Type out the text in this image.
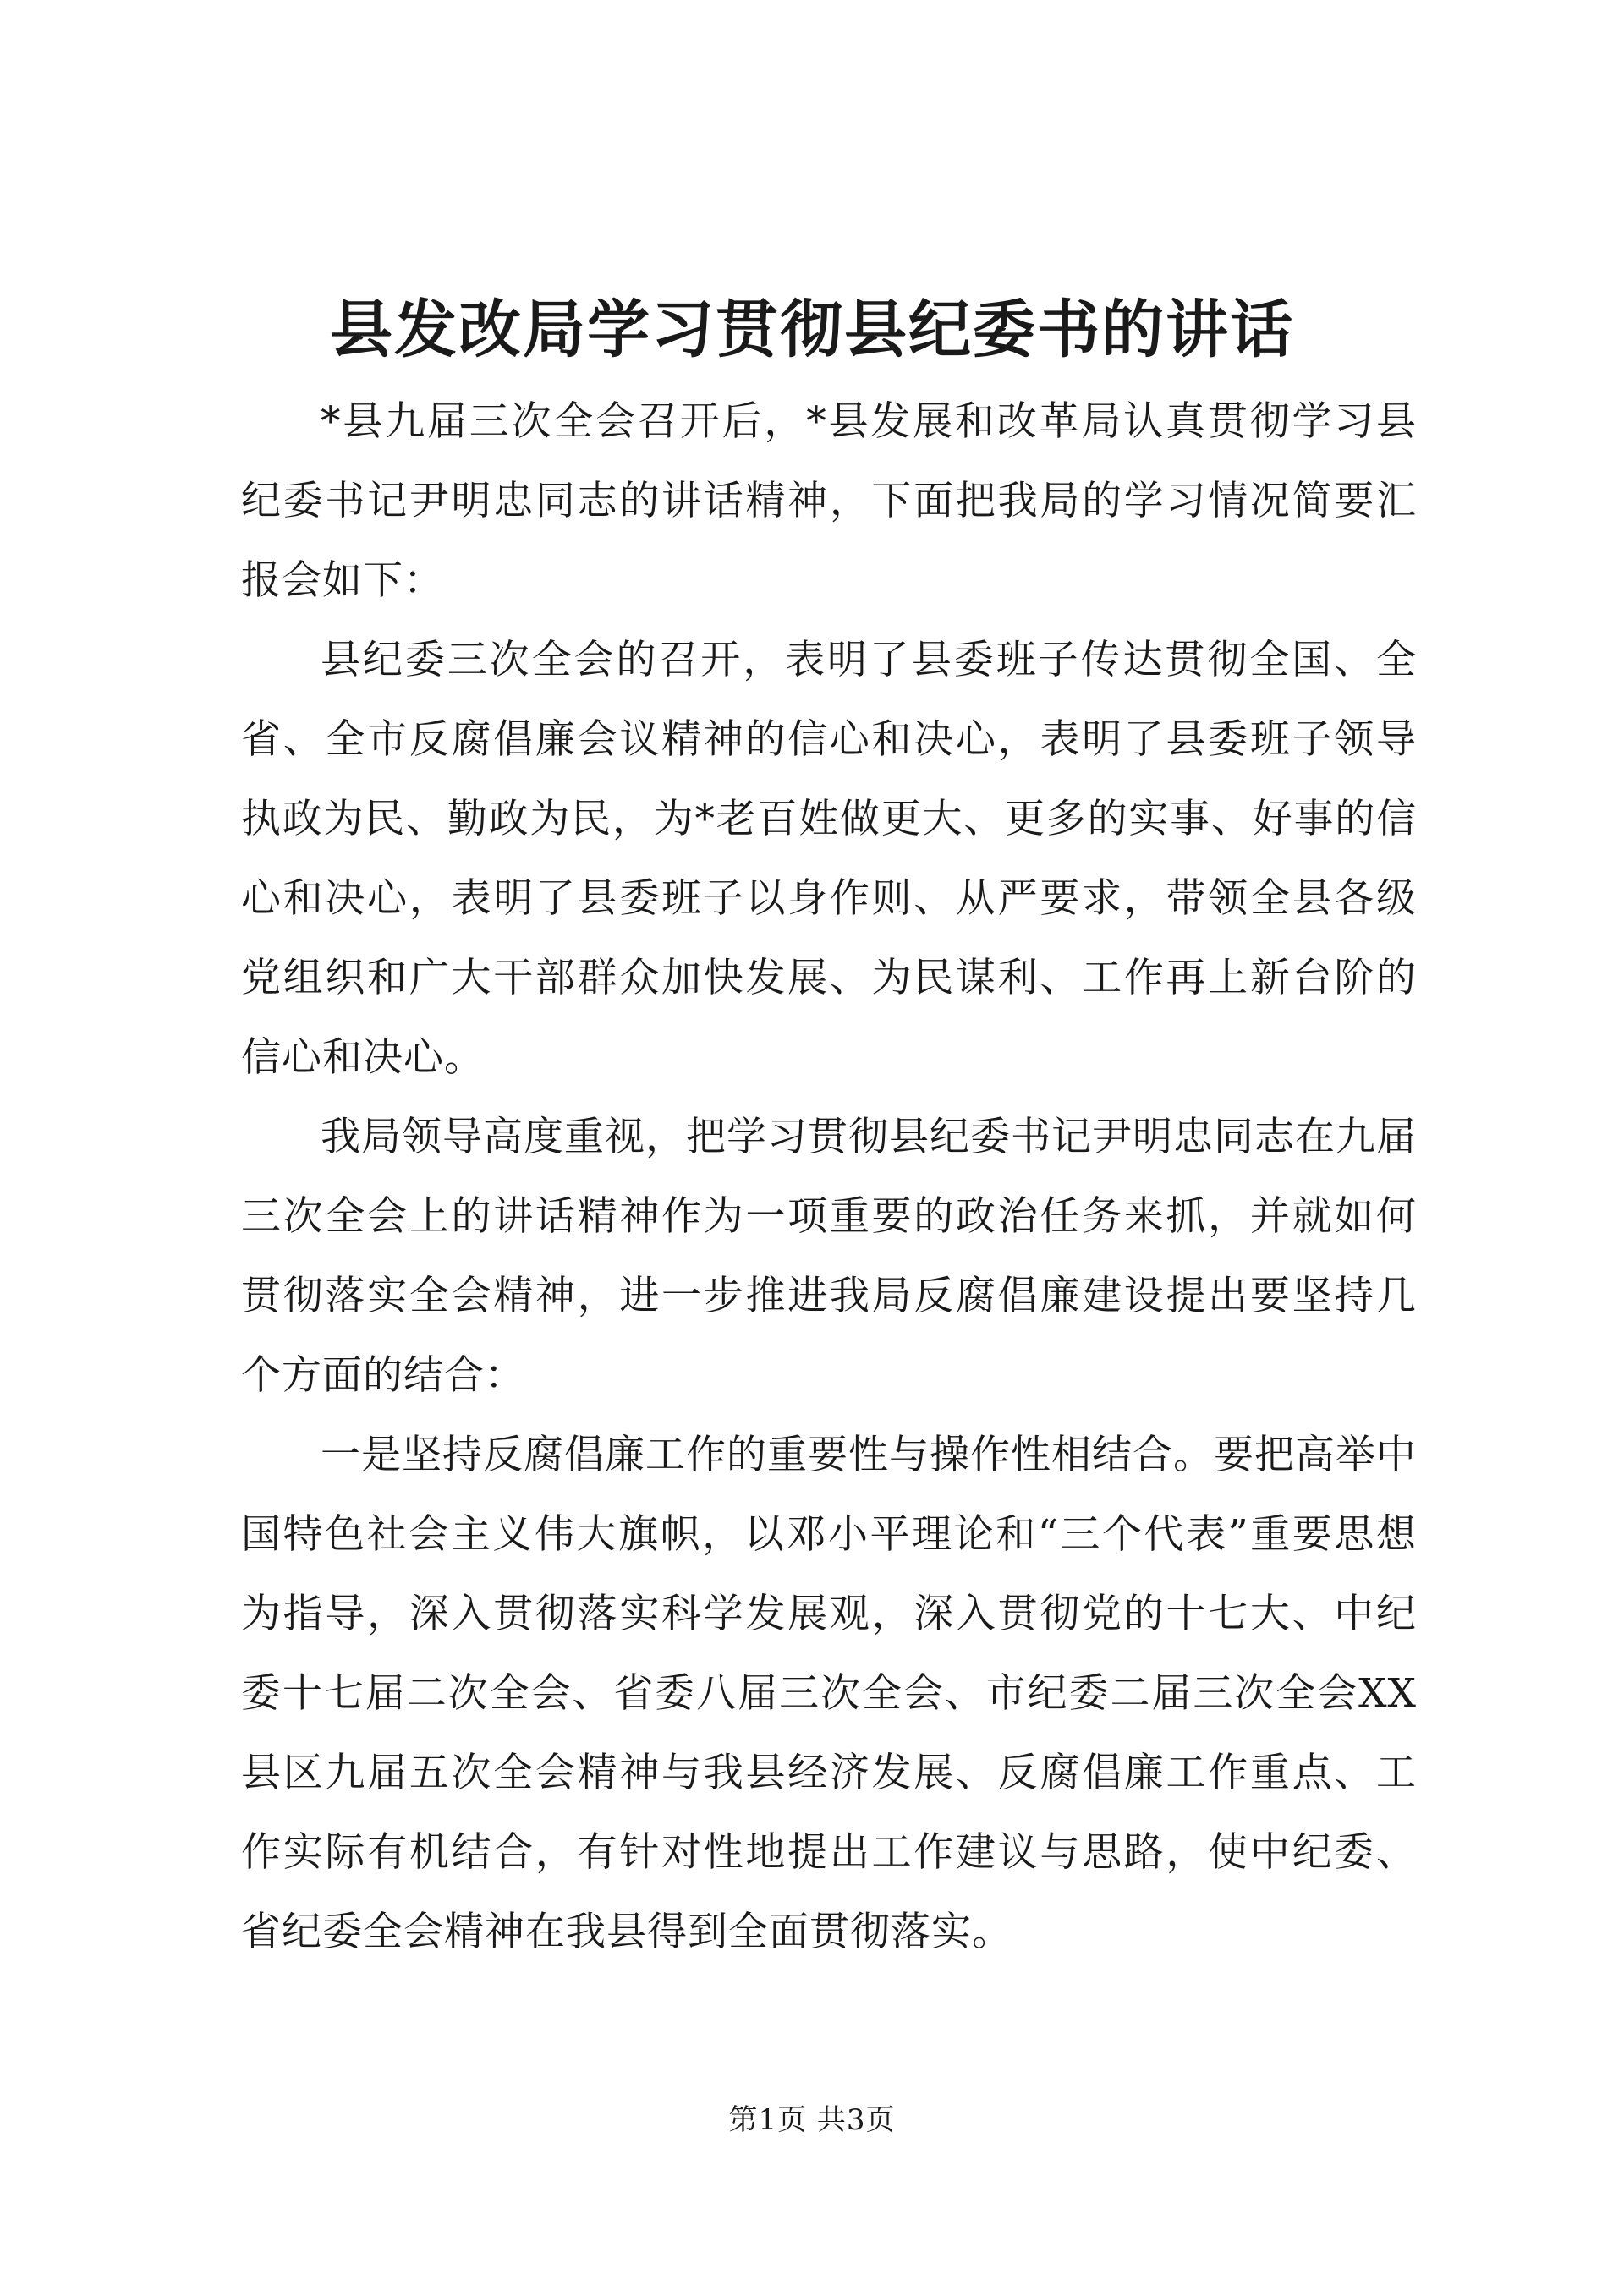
县发改局学习贯彻县纪委书的讲话

*县九届三次全会召开后，*县发展和改革局认真贯彻学习县纪委书记尹明忠同志的讲话精神，下面把我局的学习情况简要汇报会如下：

县纪委三次全会的召开，表明了县委班子传达贯彻全国、全省、全市反腐倡廉会议精神的信心和决心，表明了县委班子领导执政为民、勤政为民，为*老百姓做更大、更多的实事、好事的信心和决心，表明了县委班子以身作则、从严要求，带领全县各级党组织和广大干部群众加快发展、为民谋利、工作再上新台阶的信心和决心。

我局领导高度重视，把学习贯彻县纪委书记尹明忠同志在九届三次全会上的讲话精神作为一项重要的政治任务来抓，并就如何贯彻落实全会精神，进一步推进我局反腐倡廉建设提出要坚持几个方面的结合：

一是坚持反腐倡廉工作的重要性与操作性相结合。要把高举中国特色社会主义伟大旗帜，以邓小平理论和“三个代表”重要思想为指导，深入贯彻落实科学发展观，深入贯彻党的十七大、中纪委十七届二次全会、省委八届三次全会、市纪委二届三次全会XX县区九届五次全会精神与我县经济发展、反腐倡廉工作重点、工作实际有机结合，有针对性地提出工作建议与思路，使中纪委、省纪委全会精神在我县得到全面贯彻落实。

第1页 共3页
